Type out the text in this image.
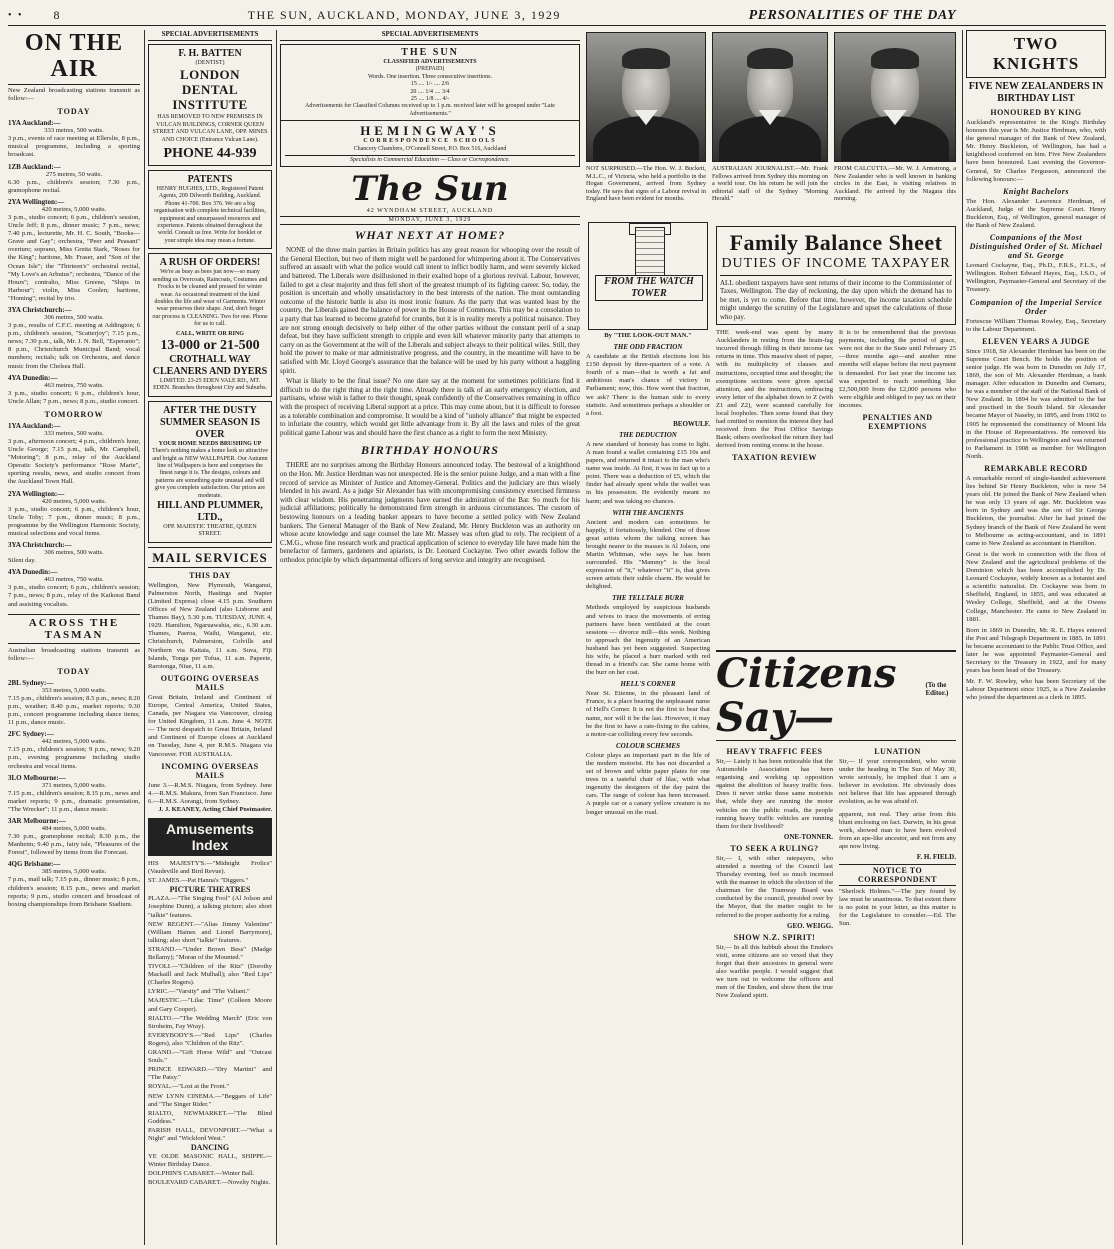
• •	8	THE SUN, AUCKLAND, MONDAY, JUNE 3, 1929	PERSONALITIES OF THE DAY
ON THE AIR
New Zealand broadcasting stations transmit as follow:—
TODAY
1YA Auckland:—
333 metres, 500 watts.
3 p.m., events of race meeting at Ellerslie, 8 p.m., musical programme, including a sporting broadcast.
1ZB Auckland:—
275 metres, 50 watts.
6.30 p.m., children's session; 7.30 p.m., gramophone recital.
2YA Wellington:—
420 metres, 5,000 watts.
3 p.m., studio concert; 6 p.m., children's session, Uncle Jeff; 8 p.m., dinner music; 7 p.m., news; 7.40 p.m., lecturette, Mr. H. C. South, "Books—Grave and Gay"; orchestra, "Peer and Peasant" overture; soprano, Miss Gretta Stark, "Roses for the King"; baritone, Mr. Fraser, and "Son of the Ocean Isle"; the "Thirteen's" orchestral recital, "My Love's an Arbutus"; orchestra, "Dance of the Hours"; contralto, Miss Greene, "Ships in Harbour"; violin, Miss Coolen; baritone, "Homing"; recital by trio.
3YA Christchurch:—
306 metres, 500 watts.
3 p.m., results of C.F.C. meeting at Addington; 6 p.m., children's session, "Scatterjoy"; 7.15 p.m., news; 7.30 p.m., talk, Mr. J. N. Bell, "Esperanto"; 8 p.m., Christchurch Municipal Band; vocal numbers; recitals; talk on Orchestra, and dance music from the Chelsea Hall.
4YA Dunedin:—
463 metres, 750 watts.
3 p.m., studio concert; 6 p.m., children's hour, Uncle Allan; 7 p.m., news; 8 p.m., studio concert.
TOMORROW
1YA Auckland:—
333 metres, 500 watts.
3 p.m., afternoon concert; 4 p.m., children's hour, Uncle George; 7.15 p.m., talk, Mr. Campbell, "Motoring"; 8 p.m., relay of the Auckland Operatic Society's performance "Rose Marie", sporting results, news, and studio concert from the Auckland Town Hall.
2YA Wellington:—
420 metres, 5,000 watts.
3 p.m., studio concert; 6 p.m., children's hour, Uncle Toby; 7 p.m., dinner music; 8 p.m., programme by the Wellington Harmonic Society, musical selections and vocal items.
3YA Christchurch:—
306 metres, 500 watts.
Silent day.
4YA Dunedin:—
463 metres, 750 watts.
3 p.m., studio concert; 6 p.m., children's session; 7 p.m., news; 8 p.m., relay of the Kaikorai Band and assisting vocalists.
ACROSS THE TASMAN
Australian broadcasting stations transmit as follow:—
TODAY
2BL Sydney:—
353 metres, 5,000 watts.
7.15 p.m., children's session; 8.5 p.m., news; 8.20 p.m., weather; 8.40 p.m., market reports; 9.30 p.m., concert programme including dance items; 11 p.m., dance music.
2FC Sydney:—
442 metres, 5,000 watts.
7.15 p.m., children's session; 9 p.m., news; 9.20 p.m., evening programme including studio orchestra and vocal items.
3LO Melbourne:—
371 metres, 5,000 watts.
7.15 p.m., children's session; 8.15 p.m., news and market reports; 9 p.m., dramatic presentation, "The Wrecker"; 11 p.m., dance music.
3AR Melbourne:—
484 metres, 5,000 watts.
7.30 p.m., gramophone recital; 8.30 p.m., the Manheim; 9.40 p.m., fairy tale, "Pleasures of the Forest", followed by items from the Forecast.
4QG Brisbane:—
385 metres, 5,000 watts.
7 p.m., mail talk; 7.15 p.m., dinner music; 8 p.m., children's session; 8.15 p.m., news and market reports; 9 p.m., studio concert and broadcast of boxing championships from Brisbane Stadium.
SPECIAL ADVERTISEMENTS
F. H. BATTEN
(DENTIST)
LONDON DENTAL INSTITUTE
HAS REMOVED TO NEW PREMISES IN VULCAN BUILDINGS, CORNER QUEEN STREET AND VULCAN LANE, OPP. MINES AND CHOICE (Entrance Vulcan Lane).
PHONE 44-939
PATENTS
HENRY HUGHES, LTD., Registered Patent Agents, 209 Dilworth Building, Auckland. Phone 41-700. Box 376. We are a big organisation with complete technical facilities, equipment and unsurpassed resources and experience. Patents obtained throughout the world. Consult us free. Write for booklet or your simple idea may mean a fortune.
A RUSH OF ORDERS!
We're as busy as bees just now—so many sending us Overcoats, Raincoats, Costumes and Frocks to be cleaned and pressed for winter wear. As occasional treatment of the kind doubles the life and wear of Garments. Winter wear preserves their shape. And, don't forget our process is CLEANING. Two for one. Phone for us to call.
CALL, WRITE OR RING
13-000 or 21-500
CROTHALL WAY CLEANERS AND DYERS
LIMITED. 23-25 EDEN VALE RD., MT. EDEN. Branches throughout City and Suburbs.
AFTER THE DUSTY SUMMER SEASON IS OVER
YOUR HOME NEEDS BRUSHING UP
There's nothing makes a home look so attractive and bright as NEW WALLPAPER. Our Autumn line of Wallpapers is here and comprises the finest range it is. The designs, colours and patterns are something quite unusual and will give you complete satisfaction. Our prices are moderate.
HILL AND PLUMMER, LTD.,
OPP. MAJESTIC THEATRE, QUEEN STREET.
MAIL SERVICES
THIS DAY
Wellington, New Plymouth, Wanganui, Palmerston North, Hastings and Napier (Limited Express) close 4.15 p.m. Southern Offices of New Zealand (also Lisborne and Thames Bay), 5.30 p.m. TUESDAY, JUNE 4, 1929. Hamilton, Ngaruawahia, etc., 6.30 a.m. Thames, Paeroa, Waihi, Wanganui, etc. Christchurch, Palmerston, Colvills and Northern via Kaitaia, 11 a.m. Suva, Fiji Islands, Tonga per Tofua, 11 a.m. Papeete, Rarotonga, Niue, 11 a.m.
OUTGOING OVERSEAS MAILS
Great Britain, Ireland and Continent of Europe, Central America, United States, Canada, per Niagara via Vancouver, closing for United Kingdom, 11 a.m. June 4. NOTE — The next despatch to Great Britain, Ireland and Continent of Europe closes at Auckland on Tuesday, June 4, per R.M.S. Niagara via Vancouver. FOR AUSTRALIA.
INCOMING OVERSEAS MAILS
June 3.—R.M.S. Niagara, from Sydney. June 4.—R.M.S. Makura, from San Francisco. June 6.—R.M.S. Aorangi, from Sydney.
J. J. KEANEY, Acting Chief Postmaster.
Amusements Index
HIS MAJESTY'S.—"Midnight Frolics" (Vaudeville and Bird Revue).
ST. JAMES.—Pat Hanna's "Diggers."
PICTURE THEATRES
PLAZA.—"The Singing Fool" (Al Jolson and Josephine Dunn), a talking picture; also short "talkie" features.
NEW REGENT.—"Alias Jimmy Valentine" (William Haines and Lionel Barrymore), talking; also short "talkie" features.
STRAND.—"Under Brown Bess" (Madge Bellamy); "Moran of the Mounted."
TIVOLI.—"Children of the Ritz" (Dorothy Mackaill and Jack Mulhall); also "Red Lips" (Charles Rogers).
LYRIC.—"Varsity" and "The Valiant."
MAJESTIC.—"Lilac Time" (Colleen Moore and Gary Cooper).
RIALTO.—"The Wedding March" (Eric von Stroheim, Fay Wray).
EVERYBODY'S.—"Red Lips" (Charles Rogers), also "Children of the Ritz".
GRAND.—"Gift Horse Wild" and "Outcast Souls."
PRINCE EDWARD.—"Dry Martini" and "The Patsy."
ROYAL.—"Lost at the Front."
NEW LYNN CINEMA.—"Beggars of Life" and "The Singer Rider."
RIALTO, NEWMARKET.—"The Blind Goddess."
PARISH HALL, DEVONPORT.—"What a Night" and "Wickford West."
DANCING
YE OLDE MASONIC HALL, SHIPPE.—Winter Birthday Dance.
DOLPHIN'S CABARET.—Winter Ball.
BOULEVARD CABARET.—Novelty Nights.
SPECIAL ADVERTISEMENTS
THE SUN
CLASSIFIED ADVERTISEMENTS
(PREPAID)
Words. One insertion. Three consecutive insertions.
15 .... 1/- .... 2/6
20 .... 1/4 .... 3/4
25 .... 1/8 .... 4/-
Advertisements for Classified Columns received up to 1 p.m. received later will be grouped under "Late Advertisements."
HEMINGWAY'S
CORRESPONDENCE SCHOOLS
Chancery Chambers, O'Connell Street, P.O. Box 516, Auckland
Specialists in Commercial Education — Class or Correspondence.
The Sun
42 WYNDHAM STREET, AUCKLAND
MONDAY, JUNE 3, 1929
WHAT NEXT AT HOME?

NONE of the three main parties in Britain politics has any great reason for whooping over the result of the General Election, but two of them might well be pardoned for whimpering about it. The Conservatives suffered an assault with what the police would call intent to inflict bodily harm, and were severely kicked and battered. The Liberals were disillusioned in their exalted hope of a glorious revival. Labour, however, failed to get a clear majority and thus fell short of the greatest triumph of its fighting career. So, today, the position is uncertain and wholly unsatisfactory in the best interests of the nation. The most outstanding outcome of the historic battle is also its most ironic feature. As the party that was wanted least by the country, the Liberals gained the balance of power in the House of Commons. This may be a consolation to a party that has learned to become grateful for crumbs, but it is in reality merely a political nuisance. They are not strong enough decisively to help either of the other parties without the constant peril of a snap defeat, but they have sufficient strength to cripple and even kill whatever minority party that attempts to carry on as the Government at the will of the Liberals and subject always to their political wiles. Still, they hold the power to make or mar administrative progress, and the country, in the meantime will have to be satisfied with Mr. Lloyd George's assurance that the balance will be used by his party without a haggling spirit.

What is likely to be the final issue? No one dare say at the moment for sometimes politicians find it difficult to do the right thing at the right time. Already there is talk of an early emergency election, and partisans, whose wish is father to their thought, speak confidently of the Conservatives remaining in office with the prospect of receiving Liberal support at a price. This may come about, but it is difficult to foresee as a tolerable combination and compromise. It would be a kind of "unholy alliance" that might be expected to infuriate the country, which would get little advantage from it. By all the laws and rules of the great political game Labour was and should have the first chance as a right to form the next Ministry.

BIRTHDAY HONOURS

THERE are no surprises among the Birthday Honours announced today. The bestowal of a knighthood on the Hon. Mr. Justice Herdman was not unexpected. He is the senior puisne Judge, and a man with a fine record of service as Minister of Justice and Attorney-General. Politics and the judiciary are thus wisely blended in his award. As a judge Sir Alexander has with uncompromising consistency exercised firmness with clear wisdom. His penetrating judgments have earned the admiration of the Bar. So much for his judicial affiliations; politically he demonstrated firm strength in arduous circumstances. The custom of bestowing honours on a leading banker appears to have become a settled policy with New Zealand bankers. The General Manager of the Bank of New Zealand, Mr. Henry Buckleton was an authority on whose acute knowledge and sage counsel the late Mr. Massey was often glad to rely. The recipient of a C.M.G., whose fine research work and practical application of science to everyday life have made him the benefactor of farmers, gardeners and apiarists, is Dr. Leonard Cockayne. Two other awards follow the orthodox principle by which departmental officers of long service and integrity are recognised.

NOT SURPRISED.—The Hon. W. J. Buckett, M.L.C., of Victoria, who held a portfolio in the Hogan Government, arrived from Sydney today. He says that signs of a Labour revival in England have been evident for months.
AUSTRALIAN JOURNALIST.—Mr. Frank Fellows arrived from Sydney this morning on a world tour. On his return he will join the editorial staff of the Sydney "Morning Herald."
FROM CALCUTTA.—Mr. W. J. Armstrong, a New Zealander who is well known in banking circles in the East, is visiting relatives in Auckland. He arrived by the Niagara this morning.
FROM THE WATCH TOWER
By "THE LOOK-OUT MAN."
THE ODD FRACTION
A candidate at the British elections lost his £150 deposit by three-quarters of a vote. A fourth of a man—that is worth a fat and ambitious man's chance of victory in Parliament; now, this. How went that fraction, we ask? There is the human side to every statistic. And sometimes perhaps a shoulder or a foot.
BEOWULF.
THE DEDUCTION
A new standard of honesty has come to light. A man found a wallet containing £15 10s and papers, and returned it intact to the man who's name was inside. At first, it was in fact up to a point. There was a deduction of £5, which the finder had already spent while the wallet was in his possession. He evidently meant no harm; and was taking no chances.
WITH THE ANCIENTS
Ancient and modern can sometimes be happily, if fortuitously, blended. One of those great artists whom the talking screen has brought nearer to the masses is Al Jolson, one Martin Whitman, who says he has been surrounded. His "Mammy" is the local expression of "it," whatever "it" is, that gives screen artists their subtle charm. He would be delighted.
THE TELLTALE BURR
Methods employed by suspicious husbands and wives to trace the movements of erring partners have been ventilated at the court sessions — divorce mill—this week. Nothing to approach the ingenuity of an American husband has yet been suggested. Suspecting his wife, he placed a burr marked with red thread in a friend's car. She came home with the burr on her coat.
HELL'S CORNER
Near St. Etienne, in the pleasant land of France, is a place bearing the unpleasant name of Hell's Corner. It is not the first to bear that name, nor will it be the last. However, it may be the first to have a rate-fixing to the cabins, a motor-car colliding every few seconds.
COLOUR SCHEMES
Colour plays an important part in the life of the modern motorist. He has not discarded a set of brown and white paper plates for one trees in a tasteful chair of lilac, with what ingenuity the designers of the day paint the cars. The range of colour has been increased. A purple car or a canary yellow creature is no longer unusual on the road.
Family Balance Sheet
DUTIES OF INCOME TAXPAYER
ALL obedient taxpayers have sent returns of their income to the Commissioner of Taxes, Wellington. The day of reckoning, the day upon which the demand has to be met, is yet to come. Before that time, however, the income taxation schedule might undergo the scrutiny of the Legislature and upset the calculations of those who pay.
THE week-end was spent by many Aucklanders in resting from the brain-fag incurred through filling in their income tax returns in time. This massive sheet of paper, with its multiplicity of clauses and instructions, occupied time and thought; the exemptions sections were given special attention, and the instructions, embracing every letter of the alphabet down to Z (with Z1 and Z2), were scanned carefully for local loopholes. Then some found that they had omitted to mention the interest they had received from the Post Office Savings Bank; others overlooked the return they had derived from renting rooms in the house.
TAXATION REVIEW
It is to be remembered that the previous payments, including the period of grace, were not due to the State until February 25—three months ago—and another nine months will elapse before the next payment is demanded. For last year the income tax was expected to reach something like £2,500,000 from the £2,000 persons who were eligible and obliged to pay tax on their incomes.
PENALTIES AND EXEMPTIONS
Citizens Say—
(To the Editor.)
HEAVY TRAFFIC FEES
Sir,— Lately it has been noticeable that the Automobile Association has been organising and working up opposition against the abolition of heavy traffic fees. Does it never strike these same motorists that, while they are running the motor vehicles on the public roads, the people running heavy traffic vehicles are running them for their livelihood?
ONE-TONNER.
TO SEEK A RULING?
Sir,— I, with other ratepayers, who attended a meeting of the Council last Thursday evening, feel so much incensed with the manner in which the election of the chairman for the Tramway Board was conducted by the council, presided over by the Mayor, that the matter ought to be referred to the proper authority for a ruling.
GEO. WEIGG.
SHOW N.Z. SPIRIT!
Sir,— In all this hubbub about the Emden's visit, some citizens are so vexed that they forget that their ancestors in general were also warlike people. I would suggest that we turn out to welcome the officers and men of the Emden, and show them the true New Zealand spirit.
LUNATION
Sir,— If your correspondent, who wrote under the heading in The Sun of May 30, wrote seriously, he implied that I am a believer in evolution. He obviously does not believe that life has appeared through evolution, as he was afraid of.
apparent, not real. They arise from this blunt enclosing on fact. Darwin, in his great work, showed man to have been evolved from an ape-like ancestor, and not from any ape now living.
F. H. FIELD.
NOTICE TO CORRESPONDENT
"Sherlock Holmes."—The jury found by law must be unanimous. To that extent there is no point in your letter, as this matter is for the Legislature to consider.—Ed. The Sun.
TWO KNIGHTS
FIVE NEW ZEALANDERS IN BIRTHDAY LIST
HONOURED BY KING
Auckland's representative in the King's Birthday honours this year is Mr. Justice Herdman, who, with the general manager of the Bank of New Zealand, Mr. Henry Buckleton, of Wellington, has had a knighthood conferred on him. Five New Zealanders have been honoured. Last evening the Governor-General, Sir Charles Fergusson, announced the following honours:—
Knight Bachelors
The Hon. Alexander Lawrence Herdman, of Auckland, Judge of the Supreme Court. Henry Buckleton, Esq., of Wellington, general manager of the Bank of New Zealand.
Companions of the Most Distinguished Order of St. Michael and St. George
Leonard Cockayne, Esq., Ph.D., F.R.S., F.L.S., of Wellington. Robert Edward Hayes, Esq., I.S.O., of Wellington, Paymaster-General and Secretary of the Treasury.
Companion of the Imperial Service Order
Fortescue William Thomas Rowley, Esq., Secretary to the Labour Department.
ELEVEN YEARS A JUDGE
Since 1918, Sir Alexander Herdman has been on the Supreme Court Bench. He holds the position of senior judge. He was born in Dunedin on July 17, 1869, the son of Mr. Alexander Herdman, a bank manager. After education in Dunedin and Oamaru, he was a member of the staff of the National Bank of New Zealand. In 1894 he was admitted to the bar and practised in the South Island. Sir Alexander became Mayor of Naseby, in 1895, and from 1902 to 1905 he represented the constituency of Mount Ida in the House of Representatives. He removed his professional practice to Wellington and was returned to Parliament in 1908 as member for Wellington North.
REMARKABLE RECORD
A remarkable record of single-handed achievement lies behind Sir Henry Buckleton, who is now 54 years old. He joined the Bank of New Zealand when he was only 13 years of age. Mr. Buckleton was born in Sydney and was the son of Sir George Buckleton, the journalist. After he had joined the Sydney branch of the Bank of New Zealand he went to Melbourne as acting-accountant, and in 1891 came to New Zealand as accountant in Hamilton.
Great is the work in connection with the flora of New Zealand and the agricultural problems of the Dominion which has been accomplished by Dr. Leonard Cockayne, widely known as a botanist and a scientific naturalist. Dr. Cockayne was born in Sheffield, England, in 1855, and was educated at Wesley College, Sheffield, and at the Owens College, Manchester. He came to New Zealand in 1881.
Born in 1869 in Dunedin, Mr. R. E. Hayes entered the Post and Telegraph Department in 1885. In 1891 he became accountant to the Public Trust Office, and later he was appointed Paymaster-General and Secretary to the Treasury in 1922, and for many years has been head of the Treasury.
Mr. F. W. Rowley, who has been Secretary of the Labour Department since 1925, is a New Zealander who joined the department as a clerk in 1895.
